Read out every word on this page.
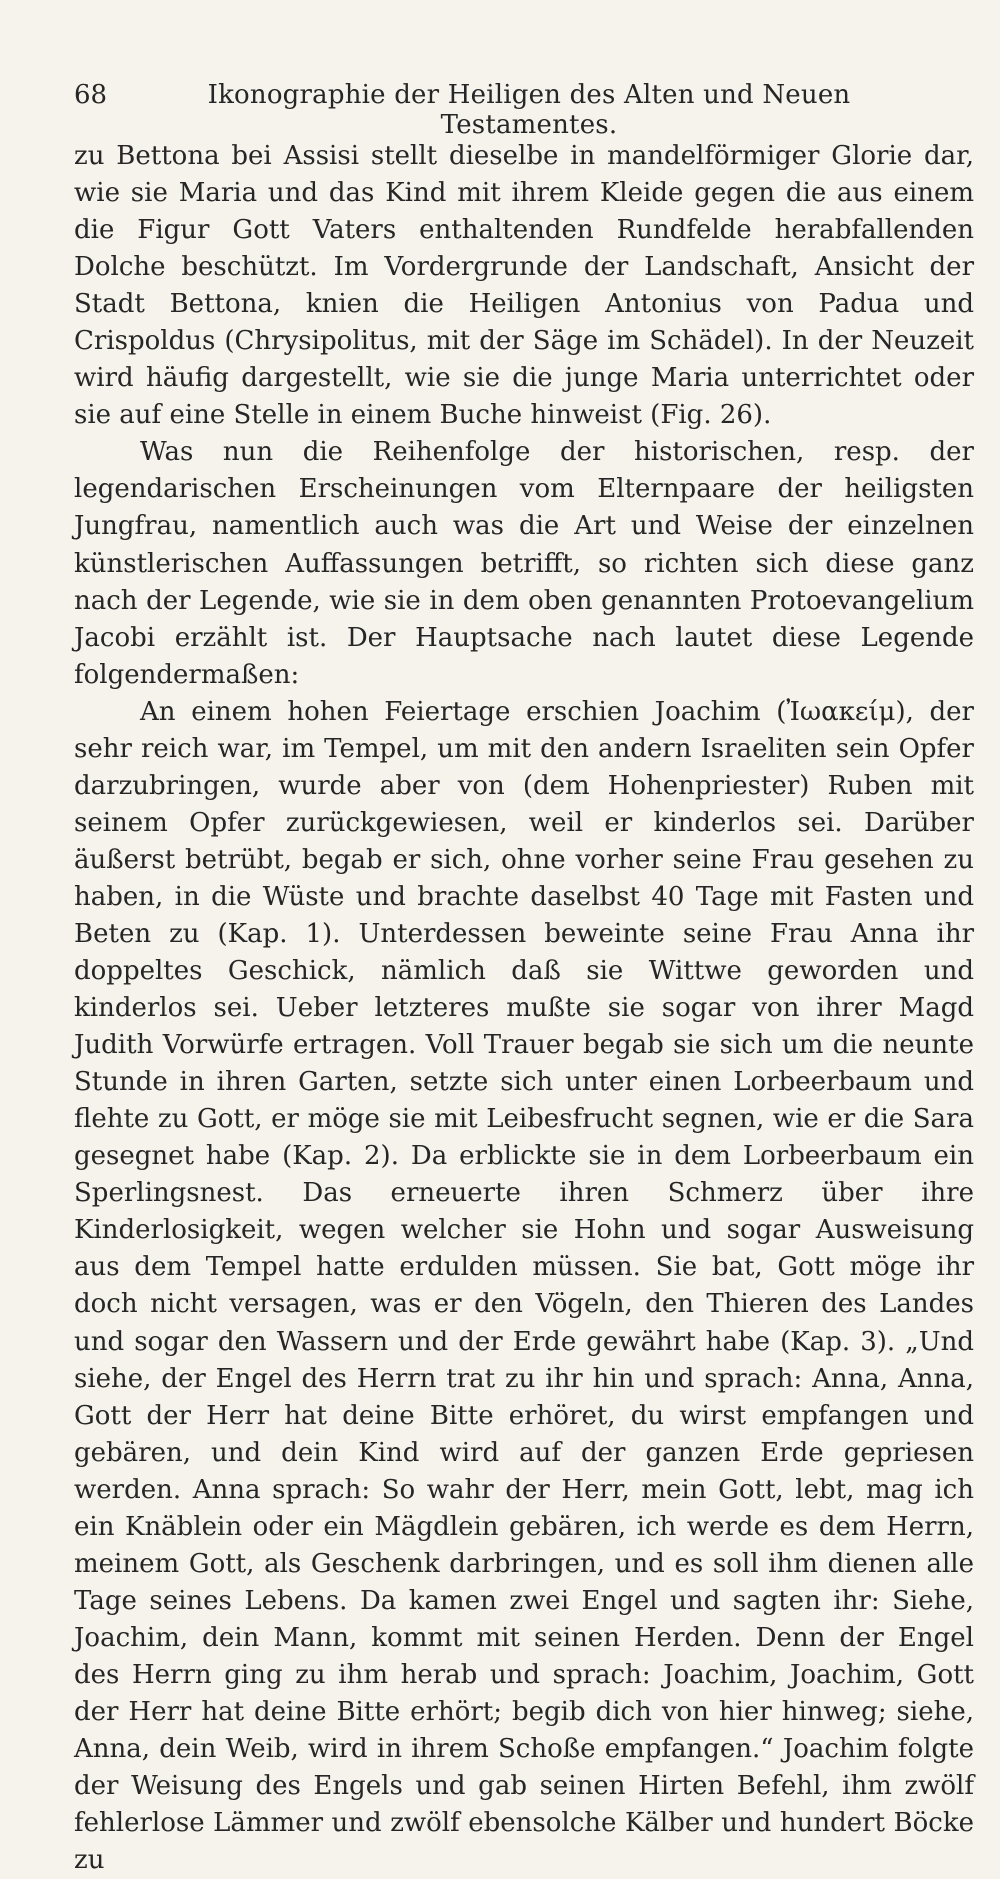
68	Ikonographie der Heiligen des Alten und Neuen Testamentes.

zu Bettona bei Assisi stellt dieselbe in mandelförmiger Glorie dar, wie sie Maria und das Kind mit ihrem Kleide gegen die aus einem die Figur Gott Vaters enthaltenden Rundfelde herabfallenden Dolche beschützt. Im Vordergrunde der Landschaft, Ansicht der Stadt Bettona, knien die Heiligen Antonius von Padua und Crispoldus (Chrysipolitus, mit der Säge im Schädel). In der Neuzeit wird häufig dargestellt, wie sie die junge Maria unterrichtet oder sie auf eine Stelle in einem Buche hinweist (Fig. 26).

Was nun die Reihenfolge der historischen, resp. der legendarischen Erscheinungen vom Elternpaare der heiligsten Jungfrau, namentlich auch was die Art und Weise der einzelnen künstlerischen Auffassungen betrifft, so richten sich diese ganz nach der Legende, wie sie in dem oben genannten Protoevangelium Jacobi erzählt ist. Der Hauptsache nach lautet diese Legende folgendermaßen:

An einem hohen Feiertage erschien Joachim (Ἰωακείμ), der sehr reich war, im Tempel, um mit den andern Israeliten sein Opfer darzubringen, wurde aber von (dem Hohenpriester) Ruben mit seinem Opfer zurückgewiesen, weil er kinderlos sei. Darüber äußerst betrübt, begab er sich, ohne vorher seine Frau gesehen zu haben, in die Wüste und brachte daselbst 40 Tage mit Fasten und Beten zu (Kap. 1). Unterdessen beweinte seine Frau Anna ihr doppeltes Geschick, nämlich daß sie Wittwe geworden und kinderlos sei. Ueber letzteres mußte sie sogar von ihrer Magd Judith Vorwürfe ertragen. Voll Trauer begab sie sich um die neunte Stunde in ihren Garten, setzte sich unter einen Lorbeerbaum und flehte zu Gott, er möge sie mit Leibesfrucht segnen, wie er die Sara gesegnet habe (Kap. 2). Da erblickte sie in dem Lorbeerbaum ein Sperlingsnest. Das erneuerte ihren Schmerz über ihre Kinderlosigkeit, wegen welcher sie Hohn und sogar Ausweisung aus dem Tempel hatte erdulden müssen. Sie bat, Gott möge ihr doch nicht versagen, was er den Vögeln, den Thieren des Landes und sogar den Wassern und der Erde gewährt habe (Kap. 3). „Und siehe, der Engel des Herrn trat zu ihr hin und sprach: Anna, Anna, Gott der Herr hat deine Bitte erhöret, du wirst empfangen und gebären, und dein Kind wird auf der ganzen Erde gepriesen werden. Anna sprach: So wahr der Herr, mein Gott, lebt, mag ich ein Knäblein oder ein Mägdlein gebären, ich werde es dem Herrn, meinem Gott, als Geschenk darbringen, und es soll ihm dienen alle Tage seines Lebens. Da kamen zwei Engel und sagten ihr: Siehe, Joachim, dein Mann, kommt mit seinen Herden. Denn der Engel des Herrn ging zu ihm herab und sprach: Joachim, Joachim, Gott der Herr hat deine Bitte erhört; begib dich von hier hinweg; siehe, Anna, dein Weib, wird in ihrem Schoße empfangen.“ Joachim folgte der Weisung des Engels und gab seinen Hirten Befehl, ihm zwölf fehlerlose Lämmer und zwölf ebensolche Kälber und hundert Böcke zu
